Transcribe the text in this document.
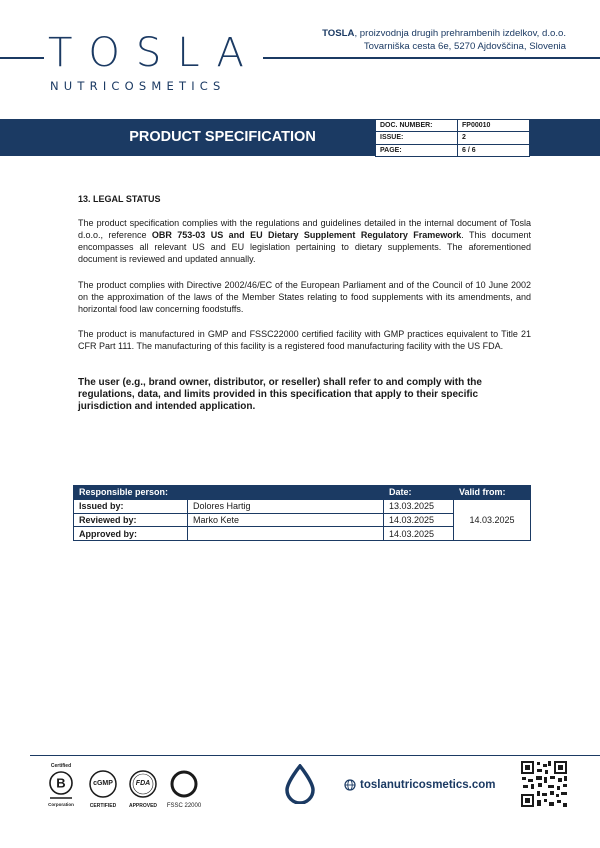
TOSLA
NUTRICOSMETICS
TOSLA, proizvodnja drugih prehrambenih izdelkov, d.o.o.
Tovarniška cesta 6e, 5270 Ajdovščina, Slovenia
PRODUCT SPECIFICATION
DOC. NUMBER:	FP00010
ISSUE:	2
PAGE:	6 / 6
13. LEGAL STATUS
The product specification complies with the regulations and guidelines detailed in the internal document of Tosla d.o.o., reference OBR 753-03 US and EU Dietary Supplement Regulatory Framework. This document encompasses all relevant US and EU legislation pertaining to dietary supplements. The aforementioned document is reviewed and updated annually.
The product complies with Directive 2002/46/EC of the European Parliament and of the Council of 10 June 2002 on the approximation of the laws of the Member States relating to food supplements with its amendments, and horizontal food law concerning foodstuffs.
The product is manufactured in GMP and FSSC22000 certified facility with GMP practices equivalent to Title 21 CFR Part 111. The manufacturing of this facility is a registered food manufacturing facility with the US FDA.
The user (e.g., brand owner, distributor, or reseller) shall refer to and comply with the regulations, data, and limits provided in this specification that apply to their specific jurisdiction and intended application.
Responsible person:		Date:	Valid from:
Issued by:	Dolores Hartig	13.03.2025	14.03.2025
Reviewed by:	Marko Kete	14.03.2025	
Approved by:		14.03.2025	
Certified
B
Corporation
cGMP
CERTIFIED
FDA
APPROVED	FSSC 22000
toslanutricosmetics.com
